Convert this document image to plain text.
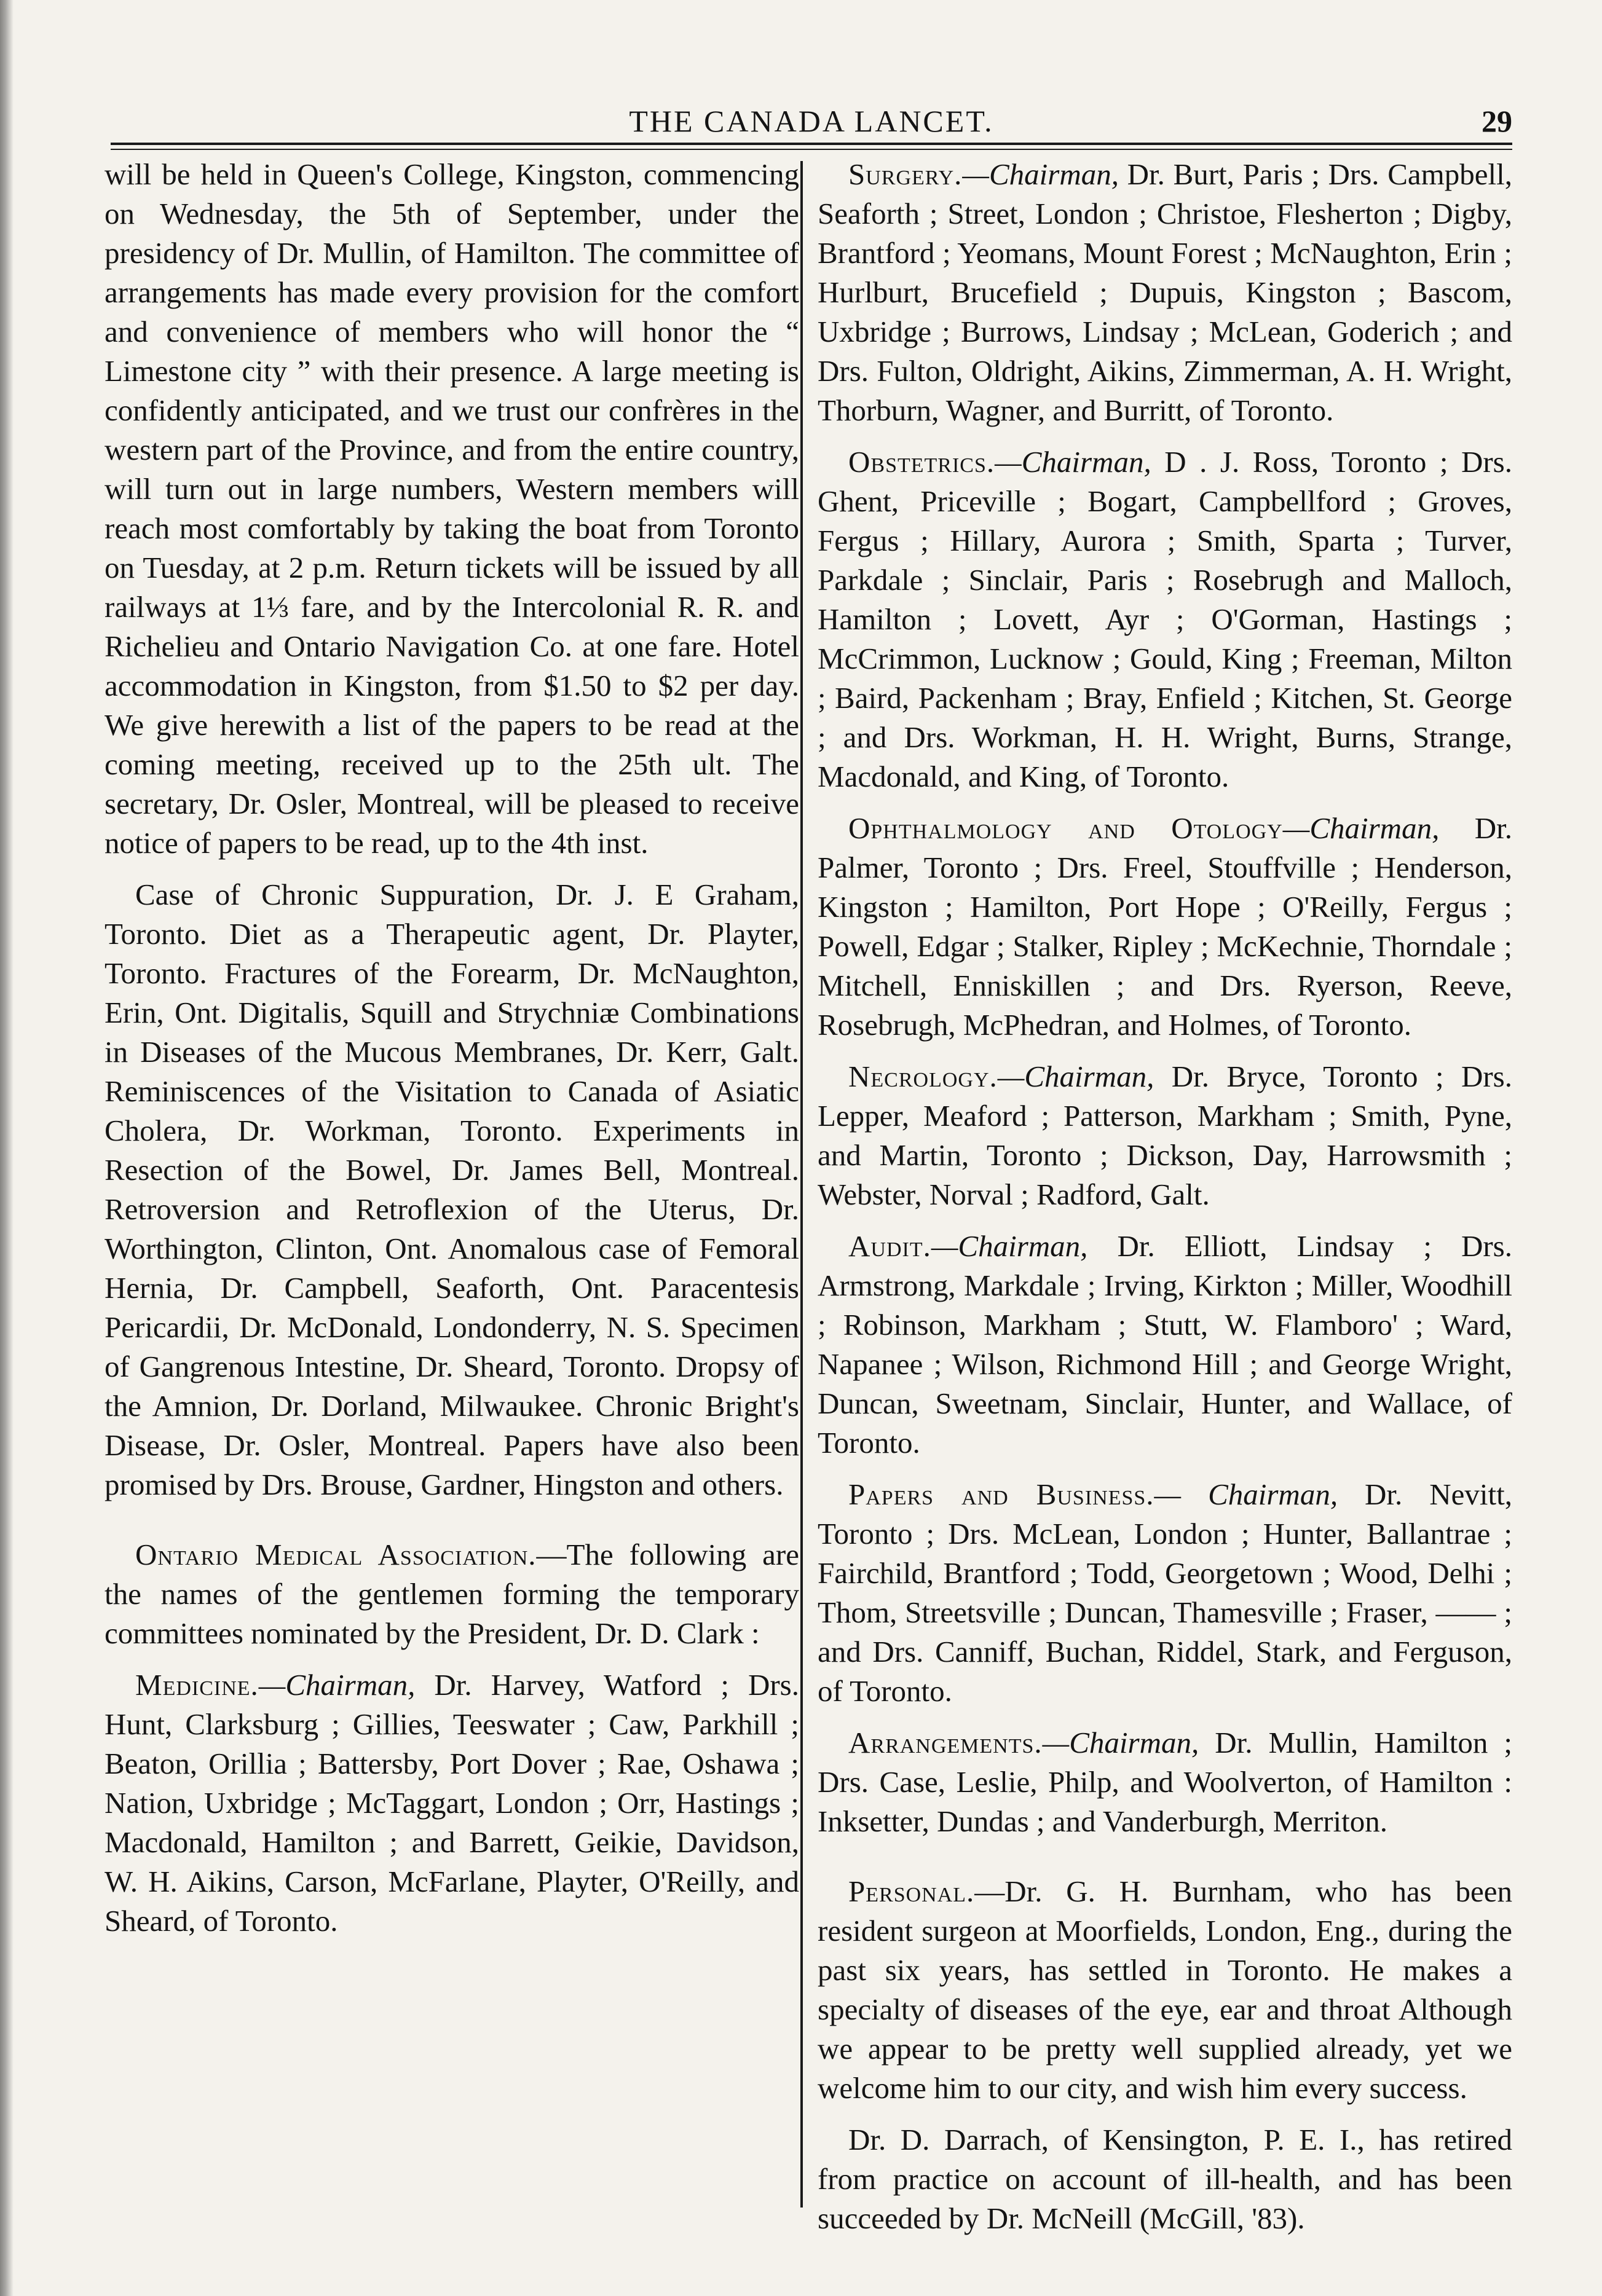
THE CANADA LANCET.	29

will be held in Queen's College, Kingston, commencing on Wednesday, the 5th of September, under the presidency of Dr. Mullin, of Hamilton. The committee of arrangements has made every provision for the comfort and convenience of members who will honor the “ Limestone city ” with their presence. A large meeting is confidently anticipated, and we trust our confrères in the western part of the Province, and from the entire country, will turn out in large numbers, Western members will reach most comfortably by taking the boat from Toronto on Tuesday, at 2 p.m. Return tickets will be issued by all railways at 1⅓ fare, and by the Intercolonial R. R. and Richelieu and Ontario Navigation Co. at one fare. Hotel accommodation in Kingston, from $1.50 to $2 per day. We give herewith a list of the papers to be read at the coming meeting, received up to the 25th ult. The secretary, Dr. Osler, Montreal, will be pleased to receive notice of papers to be read, up to the 4th inst.

Case of Chronic Suppuration, Dr. J. E Graham, Toronto. Diet as a Therapeutic agent, Dr. Playter, Toronto. Fractures of the Forearm, Dr. McNaughton, Erin, Ont. Digitalis, Squill and Strychniæ Combinations in Diseases of the Mucous Membranes, Dr. Kerr, Galt. Reminiscences of the Visitation to Canada of Asiatic Cholera, Dr. Workman, Toronto. Experiments in Resection of the Bowel, Dr. James Bell, Montreal. Retroversion and Retroflexion of the Uterus, Dr. Worthington, Clinton, Ont. Anomalous case of Femoral Hernia, Dr. Campbell, Seaforth, Ont. Paracentesis Pericardii, Dr. McDonald, Londonderry, N. S. Specimen of Gangrenous Intestine, Dr. Sheard, Toronto. Dropsy of the Amnion, Dr. Dorland, Milwaukee. Chronic Bright's Disease, Dr. Osler, Montreal. Papers have also been promised by Drs. Brouse, Gardner, Hingston and others.

Ontario Medical Association.—The following are the names of the gentlemen forming the temporary committees nominated by the President, Dr. D. Clark :

Medicine.—Chairman, Dr. Harvey, Watford ; Drs. Hunt, Clarksburg ; Gillies, Teeswater ; Caw, Parkhill ; Beaton, Orillia ; Battersby, Port Dover ; Rae, Oshawa ; Nation, Uxbridge ; McTaggart, London ; Orr, Hastings ; Macdonald, Hamilton ; and Barrett, Geikie, Davidson, W. H. Aikins, Carson, McFarlane, Playter, O'Reilly, and Sheard, of Toronto.

Surgery.—Chairman, Dr. Burt, Paris ; Drs. Campbell, Seaforth ; Street, London ; Christoe, Flesherton ; Digby, Brantford ; Yeomans, Mount Forest ; McNaughton, Erin ; Hurlburt, Brucefield ; Dupuis, Kingston ; Bascom, Uxbridge ; Burrows, Lindsay ; McLean, Goderich ; and Drs. Fulton, Oldright, Aikins, Zimmerman, A. H. Wright, Thorburn, Wagner, and Burritt, of Toronto.

Obstetrics.—Chairman, D . J. Ross, Toronto ; Drs. Ghent, Priceville ; Bogart, Campbellford ; Groves, Fergus ; Hillary, Aurora ; Smith, Sparta ; Turver, Parkdale ; Sinclair, Paris ; Rosebrugh and Malloch, Hamilton ; Lovett, Ayr ; O'Gorman, Hastings ; McCrimmon, Lucknow ; Gould, King ; Freeman, Milton ; Baird, Packenham ; Bray, Enfield ; Kitchen, St. George ; and Drs. Workman, H. H. Wright, Burns, Strange, Macdonald, and King, of Toronto.

Ophthalmology and Otology—Chairman, Dr. Palmer, Toronto ; Drs. Freel, Stouffville ; Henderson, Kingston ; Hamilton, Port Hope ; O'Reilly, Fergus ; Powell, Edgar ; Stalker, Ripley ; McKechnie, Thorndale ; Mitchell, Enniskillen ; and Drs. Ryerson, Reeve, Rosebrugh, McPhedran, and Holmes, of Toronto.

Necrology.—Chairman, Dr. Bryce, Toronto ; Drs. Lepper, Meaford ; Patterson, Markham ; Smith, Pyne, and Martin, Toronto ; Dickson, Day, Harrowsmith ; Webster, Norval ; Radford, Galt.

Audit.—Chairman, Dr. Elliott, Lindsay ; Drs. Armstrong, Markdale ; Irving, Kirkton ; Miller, Woodhill ; Robinson, Markham ; Stutt, W. Flamboro' ; Ward, Napanee ; Wilson, Richmond Hill ; and George Wright, Duncan, Sweetnam, Sinclair, Hunter, and Wallace, of Toronto.

Papers and Business.— Chairman, Dr. Nevitt, Toronto ; Drs. McLean, London ; Hunter, Ballantrae ; Fairchild, Brantford ; Todd, Georgetown ; Wood, Delhi ; Thom, Streetsville ; Duncan, Thamesville ; Fraser, —— ; and Drs. Canniff, Buchan, Riddel, Stark, and Ferguson, of Toronto.

Arrangements.—Chairman, Dr. Mullin, Hamilton ; Drs. Case, Leslie, Philp, and Woolverton, of Hamilton : Inksetter, Dundas ; and Vanderburgh, Merriton.

Personal.—Dr. G. H. Burnham, who has been resident surgeon at Moorfields, London, Eng., during the past six years, has settled in Toronto. He makes a specialty of diseases of the eye, ear and throat Although we appear to be pretty well supplied already, yet we welcome him to our city, and wish him every success.

Dr. D. Darrach, of Kensington, P. E. I., has retired from practice on account of ill-health, and has been succeeded by Dr. McNeill (McGill, '83).
